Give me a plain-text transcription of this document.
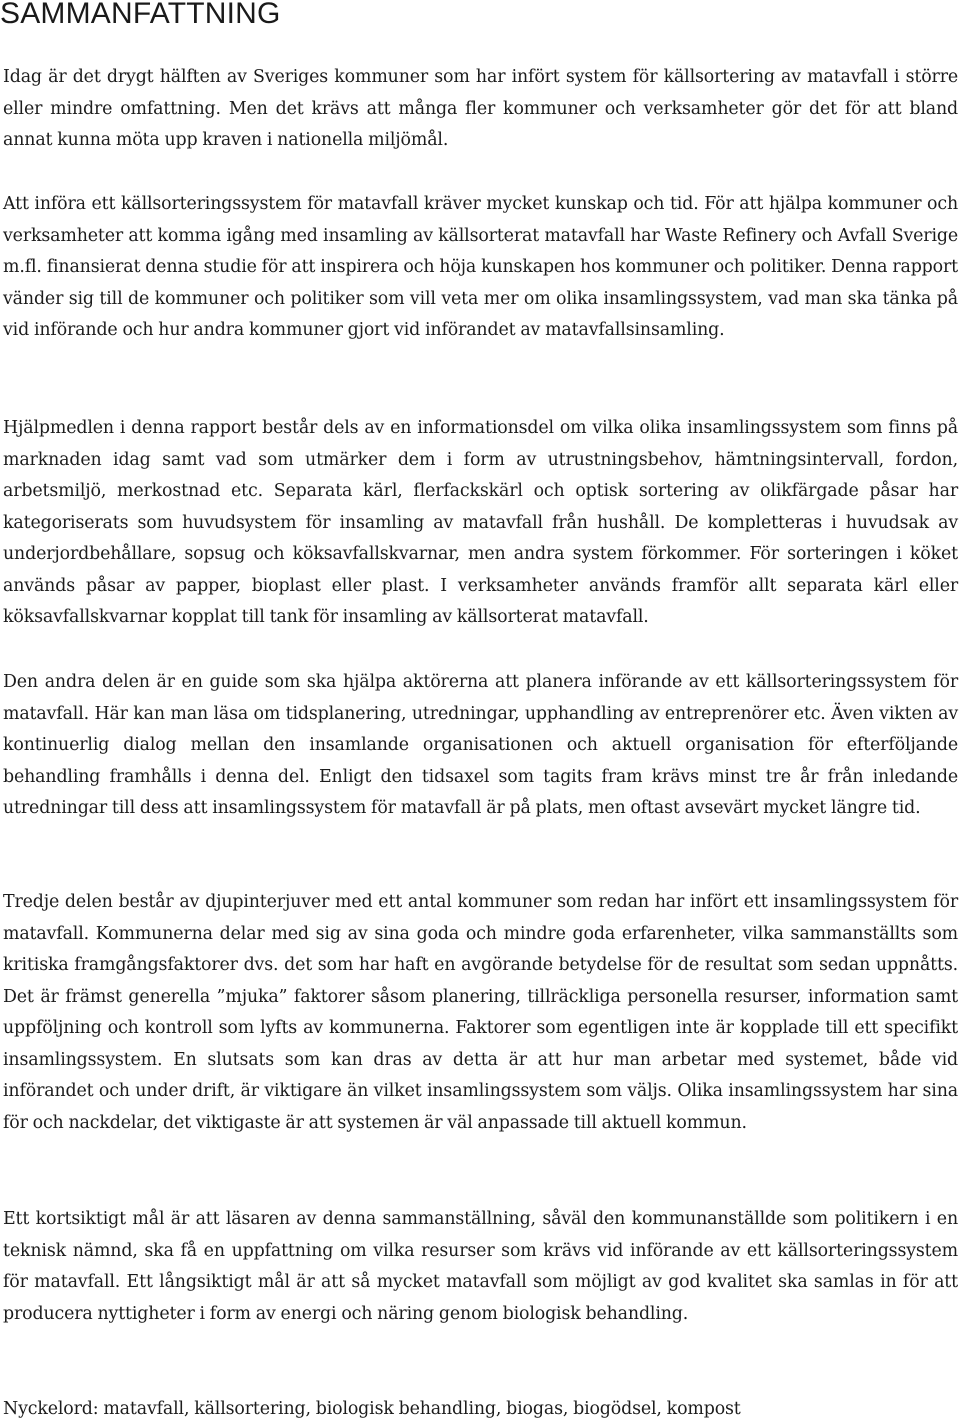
SAMMANFATTNING

Idag är det drygt hälften av Sveriges kommuner som har infört system för källsortering av matavfall i större eller mindre omfattning. Men det krävs att många fler kommuner och verksamheter gör det för att bland annat kunna möta upp kraven i nationella miljömål.

Att införa ett källsorteringssystem för matavfall kräver mycket kunskap och tid. För att hjälpa kommuner och verksamheter att komma igång med insamling av källsorterat matavfall har Waste Refinery och Avfall Sverige m.fl. finansierat denna studie för att inspirera och höja kunskapen hos kommuner och politiker. Denna rapport vänder sig till de kommuner och politiker som vill veta mer om olika insamlingssystem, vad man ska tänka på vid införande och hur andra kommuner gjort vid införandet av matavfallsinsamling.

Hjälpmedlen i denna rapport består dels av en informationsdel om vilka olika insamlingssystem som finns på marknaden idag samt vad som utmärker dem i form av utrustningsbehov, hämtningsintervall, fordon, arbetsmiljö, merkostnad etc. Separata kärl, flerfackskärl och optisk sortering av olikfärgade påsar har kategoriserats som huvudsystem för insamling av matavfall från hushåll. De kompletteras i huvudsak av underjordbehållare, sopsug och köksavfallskvarnar, men andra system förkommer. För sorteringen i köket används påsar av papper, bioplast eller plast. I verksamheter används framför allt separata kärl eller köksavfallskvarnar kopplat till tank för insamling av källsorterat matavfall.

Den andra delen är en guide som ska hjälpa aktörerna att planera införande av ett källsorteringssystem för matavfall. Här kan man läsa om tidsplanering, utredningar, upphandling av entreprenörer etc. Även vikten av kontinuerlig dialog mellan den insamlande organisationen och aktuell organisation för efterföljande behandling framhålls i denna del. Enligt den tidsaxel som tagits fram krävs minst tre år från inledande utredningar till dess att insamlingssystem för matavfall är på plats, men oftast avsevärt mycket längre tid.

Tredje delen består av djupinterjuver med ett antal kommuner som redan har infört ett insamlingssystem för matavfall. Kommunerna delar med sig av sina goda och mindre goda erfarenheter, vilka sammanställts som kritiska framgångsfaktorer dvs. det som har haft en avgörande betydelse för de resultat som sedan uppnåtts. Det är främst generella ”mjuka” faktorer såsom planering, tillräckliga personella resurser, information samt uppföljning och kontroll som lyfts av kommunerna. Faktorer som egentligen inte är kopplade till ett specifikt insamlingssystem. En slutsats som kan dras av detta är att hur man arbetar med systemet, både vid införandet och under drift, är viktigare än vilket insamlingssystem som väljs. Olika insamlingssystem har sina för och nackdelar, det viktigaste är att systemen är väl anpassade till aktuell kommun.

Ett kortsiktigt mål är att läsaren av denna sammanställning, såväl den kommunanställde som politikern i en teknisk nämnd, ska få en uppfattning om vilka resurser som krävs vid införande av ett källsorteringssystem för matavfall. Ett långsiktigt mål är att så mycket matavfall som möjligt av god kvalitet ska samlas in för att producera nyttigheter i form av energi och näring genom biologisk behandling.

Nyckelord: matavfall, källsortering, biologisk behandling, biogas, biogödsel, kompost
